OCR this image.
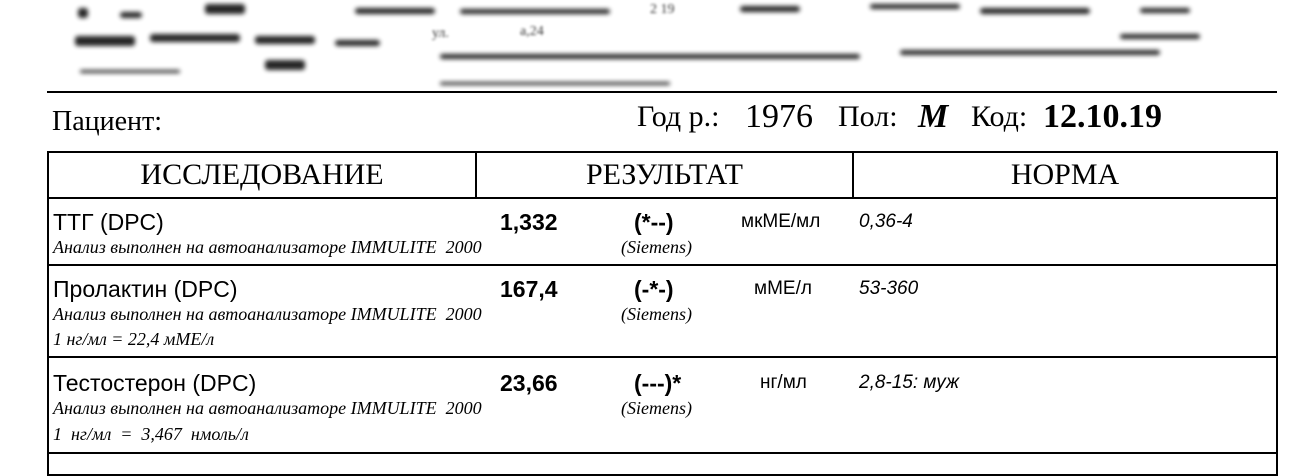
ул.	а,24
2 19
Пациент:	Год р.: 1976 Пол: М Код: 12.10.19
ИССЛЕДОВАНИЕ	РЕЗУЛЬТАТ	НОРМА

ТТГ (DPC)	1,332	(*--)	мкМЕ/мл 0,36-4
Анализ выполнен на автоанализаторе IMMULITE  2000	(Siemens)

Пролактин (DPC)	167,4	(-*-)	мМЕ/л 53-360
Анализ выполнен на автоанализаторе IMMULITE  2000	(Siemens)
1 нг/мл = 22,4 мМЕ/л

Тестостерон (DPC)	23,66	(---)*	нг/мл	2,8-15: муж
Анализ выполнен на автоанализаторе IMMULITE  2000	(Siemens)
1  нг/мл  =  3,467  нмоль/л
